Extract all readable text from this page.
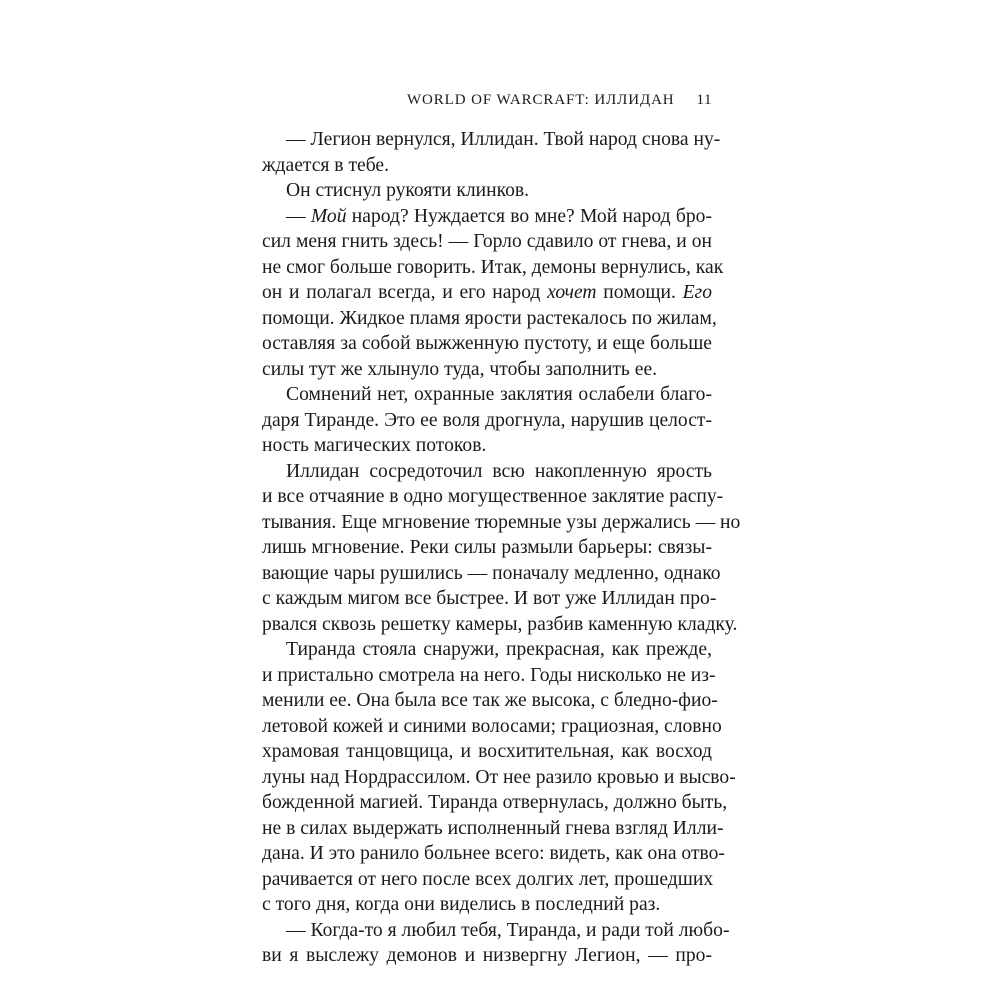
WORLD OF WARCRAFT: ИЛЛИДАН 11
— Легион вернулся, Иллидан. Твой народ снова ну-
ждается в тебе.
Он стиснул рукояти клинков.
— Мой народ? Нуждается во мне? Мой народ бро-
сил меня гнить здесь! — Горло сдавило от гнева, и он
не смог больше говорить. Итак, демоны вернулись, как
он и полагал всегда, и его народ хочет помощи. Его
помощи. Жидкое пламя ярости растекалось по жилам,
оставляя за собой выжженную пустоту, и еще больше
силы тут же хлынуло туда, чтобы заполнить ее.
Сомнений нет, охранные заклятия ослабели благо-
даря Тиранде. Это ее воля дрогнула, нарушив целост-
ность магических потоков.
Иллидан сосредоточил всю накопленную ярость
и все отчаяние в одно могущественное заклятие распу-
тывания. Еще мгновение тюремные узы держались — но
лишь мгновение. Реки силы размыли барьеры: связы-
вающие чары рушились — поначалу медленно, однако
с каждым мигом все быстрее. И вот уже Иллидан про-
рвался сквозь решетку камеры, разбив каменную кладку.
Тиранда стояла снаружи, прекрасная, как прежде,
и пристально смотрела на него. Годы нисколько не из-
менили ее. Она была все так же высока, с бледно-фио-
летовой кожей и синими волосами; грациозная, словно
храмовая танцовщица, и восхитительная, как восход
луны над Нордрассилом. От нее разило кровью и высво-
божденной магией. Тиранда отвернулась, должно быть,
не в силах выдержать исполненный гнева взгляд Илли-
дана. И это ранило больнее всего: видеть, как она отво-
рачивается от него после всех долгих лет, прошедших
с того дня, когда они виделись в последний раз.
— Когда-то я любил тебя, Тиранда, и ради той любо-
ви я выслежу демонов и низвергну Легион, — про-
